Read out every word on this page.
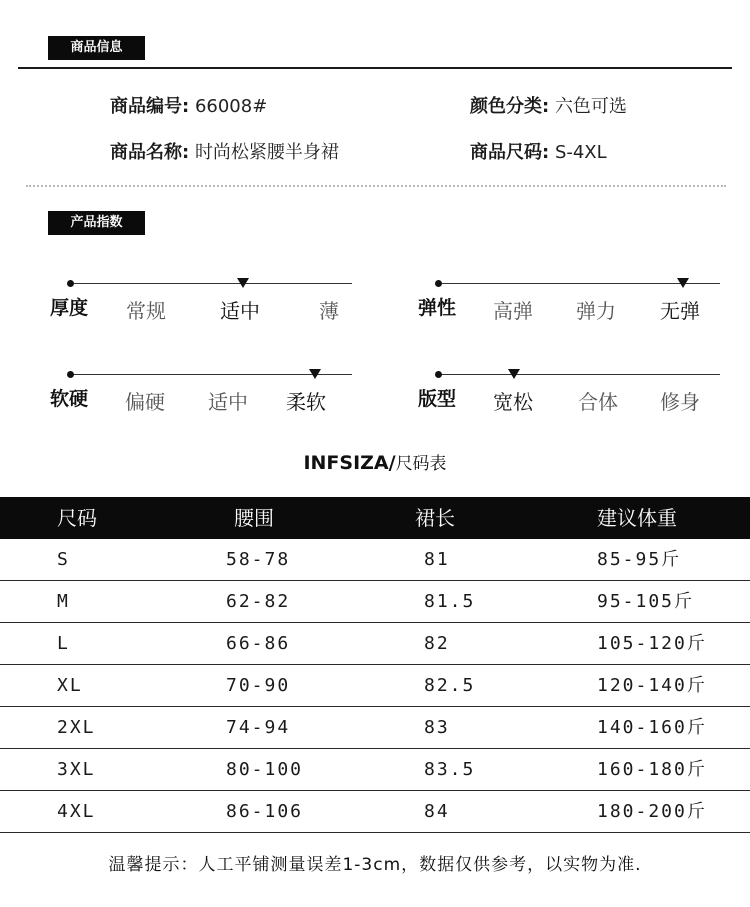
商品信息
商品编号: 66008#	颜色分类: 六色可选
商品名称: 时尚松紧腰半身裙	商品尺码: S-4XL
产品指数
厚度 常规	适中	薄	弹性 高弹 弹力 无弹
软硬 偏硬 适中 柔软	版型 宽松 合体 修身
INFSIZA/尺码表
尺码	腰围	裙长	建议体重
S	58-78	81	85-95斤
M	62-82	81.5	95-105斤
L	66-86	82	105-120斤
XL	70-90	82.5	120-140斤
2XL	74-94	83	140-160斤
3XL	80-100	83.5	160-180斤
4XL	86-106	84	180-200斤
温馨提示：人工平铺测量误差1-3cm，数据仅供参考，以实物为准.
